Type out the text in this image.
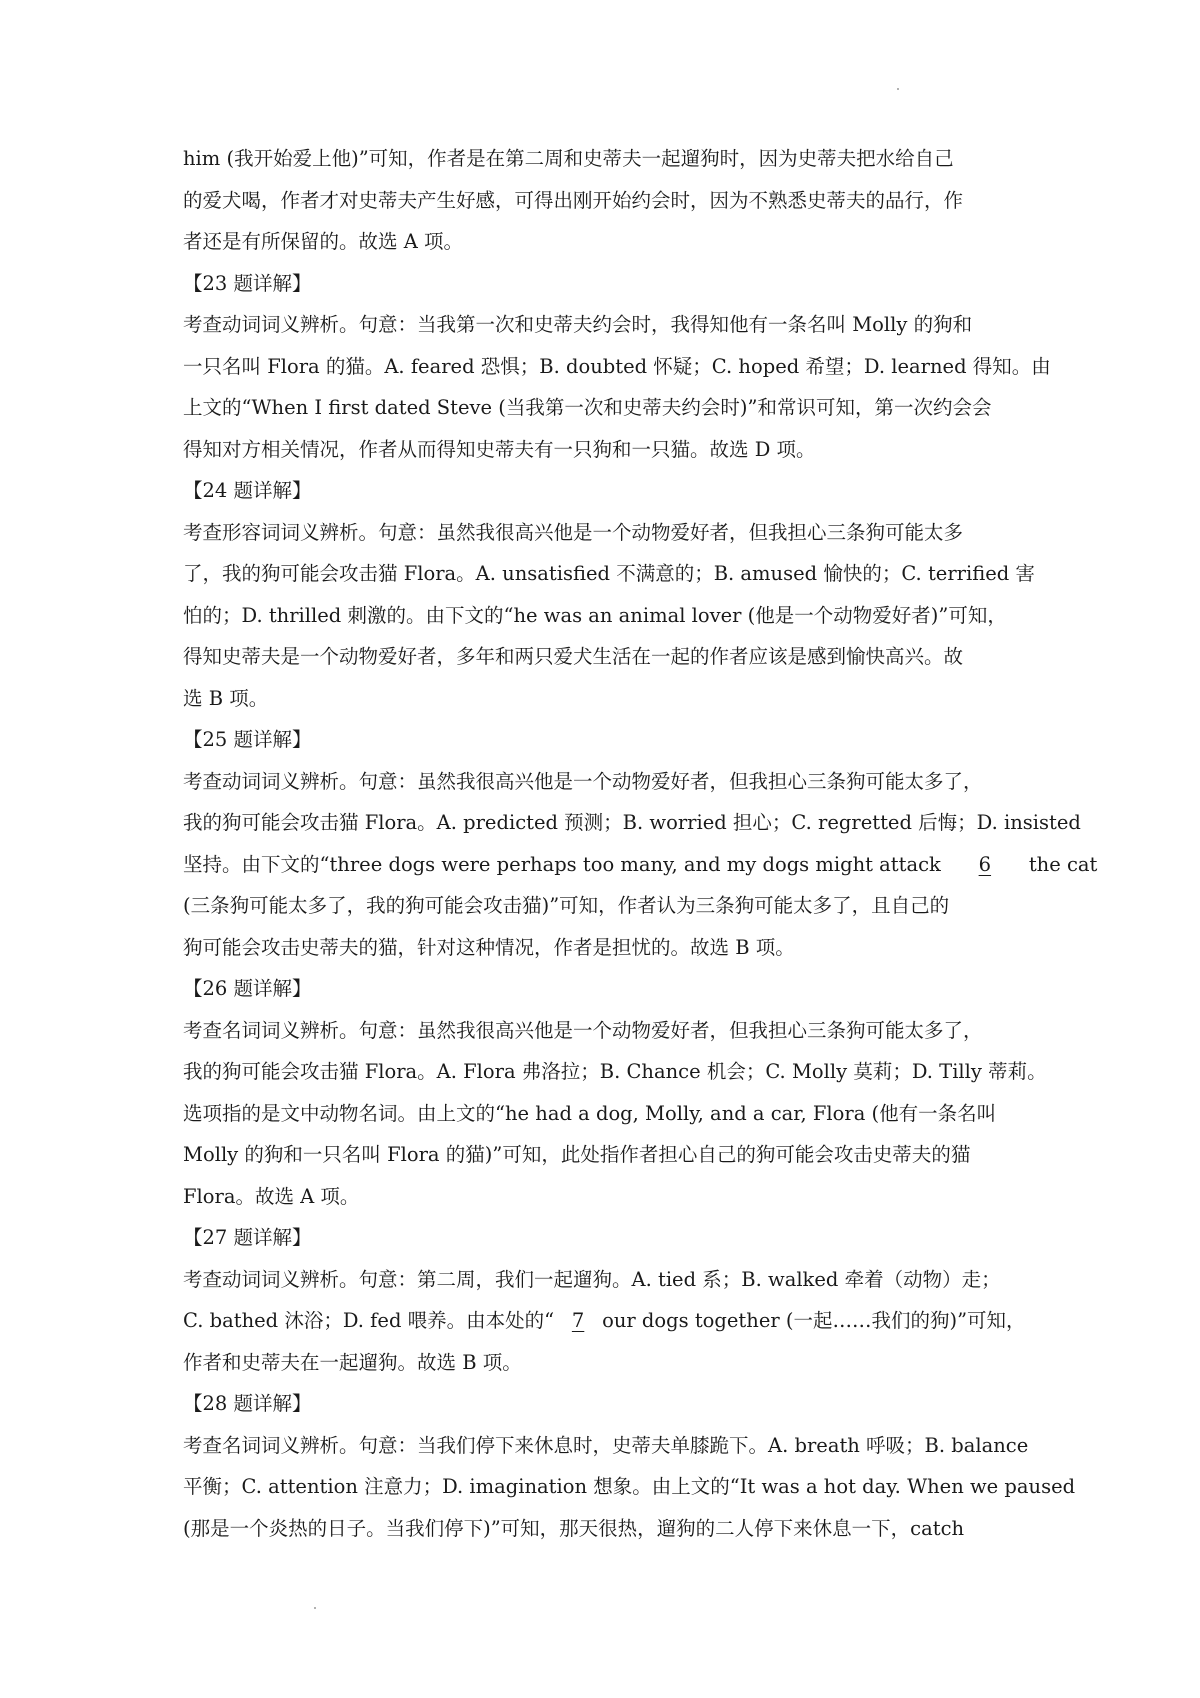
him (我开始爱上他)”可知，作者是在第二周和史蒂夫一起遛狗时，因为史蒂夫把水给自己
的爱犬喝，作者才对史蒂夫产生好感，可得出刚开始约会时，因为不熟悉史蒂夫的品行，作
者还是有所保留的。故选 A 项。
【23 题详解】
考查动词词义辨析。句意：当我第一次和史蒂夫约会时，我得知他有一条名叫 Molly 的狗和
一只名叫 Flora 的猫。A. feared 恐惧；B. doubted 怀疑；C. hoped 希望；D. learned 得知。由
上文的“When I first dated Steve (当我第一次和史蒂夫约会时)”和常识可知，第一次约会会
得知对方相关情况，作者从而得知史蒂夫有一只狗和一只猫。故选 D 项。
【24 题详解】
考查形容词词义辨析。句意：虽然我很高兴他是一个动物爱好者，但我担心三条狗可能太多
了，我的狗可能会攻击猫 Flora。A. unsatisfied 不满意的；B. amused 愉快的；C. terrified 害
怕的；D. thrilled 刺激的。由下文的“he was an animal lover (他是一个动物爱好者)”可知，
得知史蒂夫是一个动物爱好者，多年和两只爱犬生活在一起的作者应该是感到愉快高兴。故
选 B 项。
【25 题详解】
考查动词词义辨析。句意：虽然我很高兴他是一个动物爱好者，但我担心三条狗可能太多了，
我的狗可能会攻击猫 Flora。A. predicted 预测；B. worried 担心；C. regretted 后悔；D. insisted
坚持。由下文的“three dogs were perhaps too many, and my dogs might attack 6 the cat
(三条狗可能太多了，我的狗可能会攻击猫)”可知，作者认为三条狗可能太多了，且自己的
狗可能会攻击史蒂夫的猫，针对这种情况，作者是担忧的。故选 B 项。
【26 题详解】
考查名词词义辨析。句意：虽然我很高兴他是一个动物爱好者，但我担心三条狗可能太多了，
我的狗可能会攻击猫 Flora。A. Flora 弗洛拉；B. Chance 机会；C. Molly 莫莉；D. Tilly 蒂莉。
选项指的是文中动物名词。由上文的“he had a dog, Molly, and a car, Flora (他有一条名叫
Molly 的狗和一只名叫 Flora 的猫)”可知，此处指作者担心自己的狗可能会攻击史蒂夫的猫
Flora。故选 A 项。
【27 题详解】
考查动词词义辨析。句意：第二周，我们一起遛狗。A. tied 系；B. walked 牵着（动物）走；
C. bathed 沐浴；D. fed 喂养。由本处的“ 7 our dogs together (一起……我们的狗)”可知，
作者和史蒂夫在一起遛狗。故选 B 项。
【28 题详解】
考查名词词义辨析。句意：当我们停下来休息时，史蒂夫单膝跪下。A. breath 呼吸；B. balance
平衡；C. attention 注意力；D. imagination 想象。由上文的“It was a hot day. When we paused
(那是一个炎热的日子。当我们停下)”可知，那天很热，遛狗的二人停下来休息一下，catch
